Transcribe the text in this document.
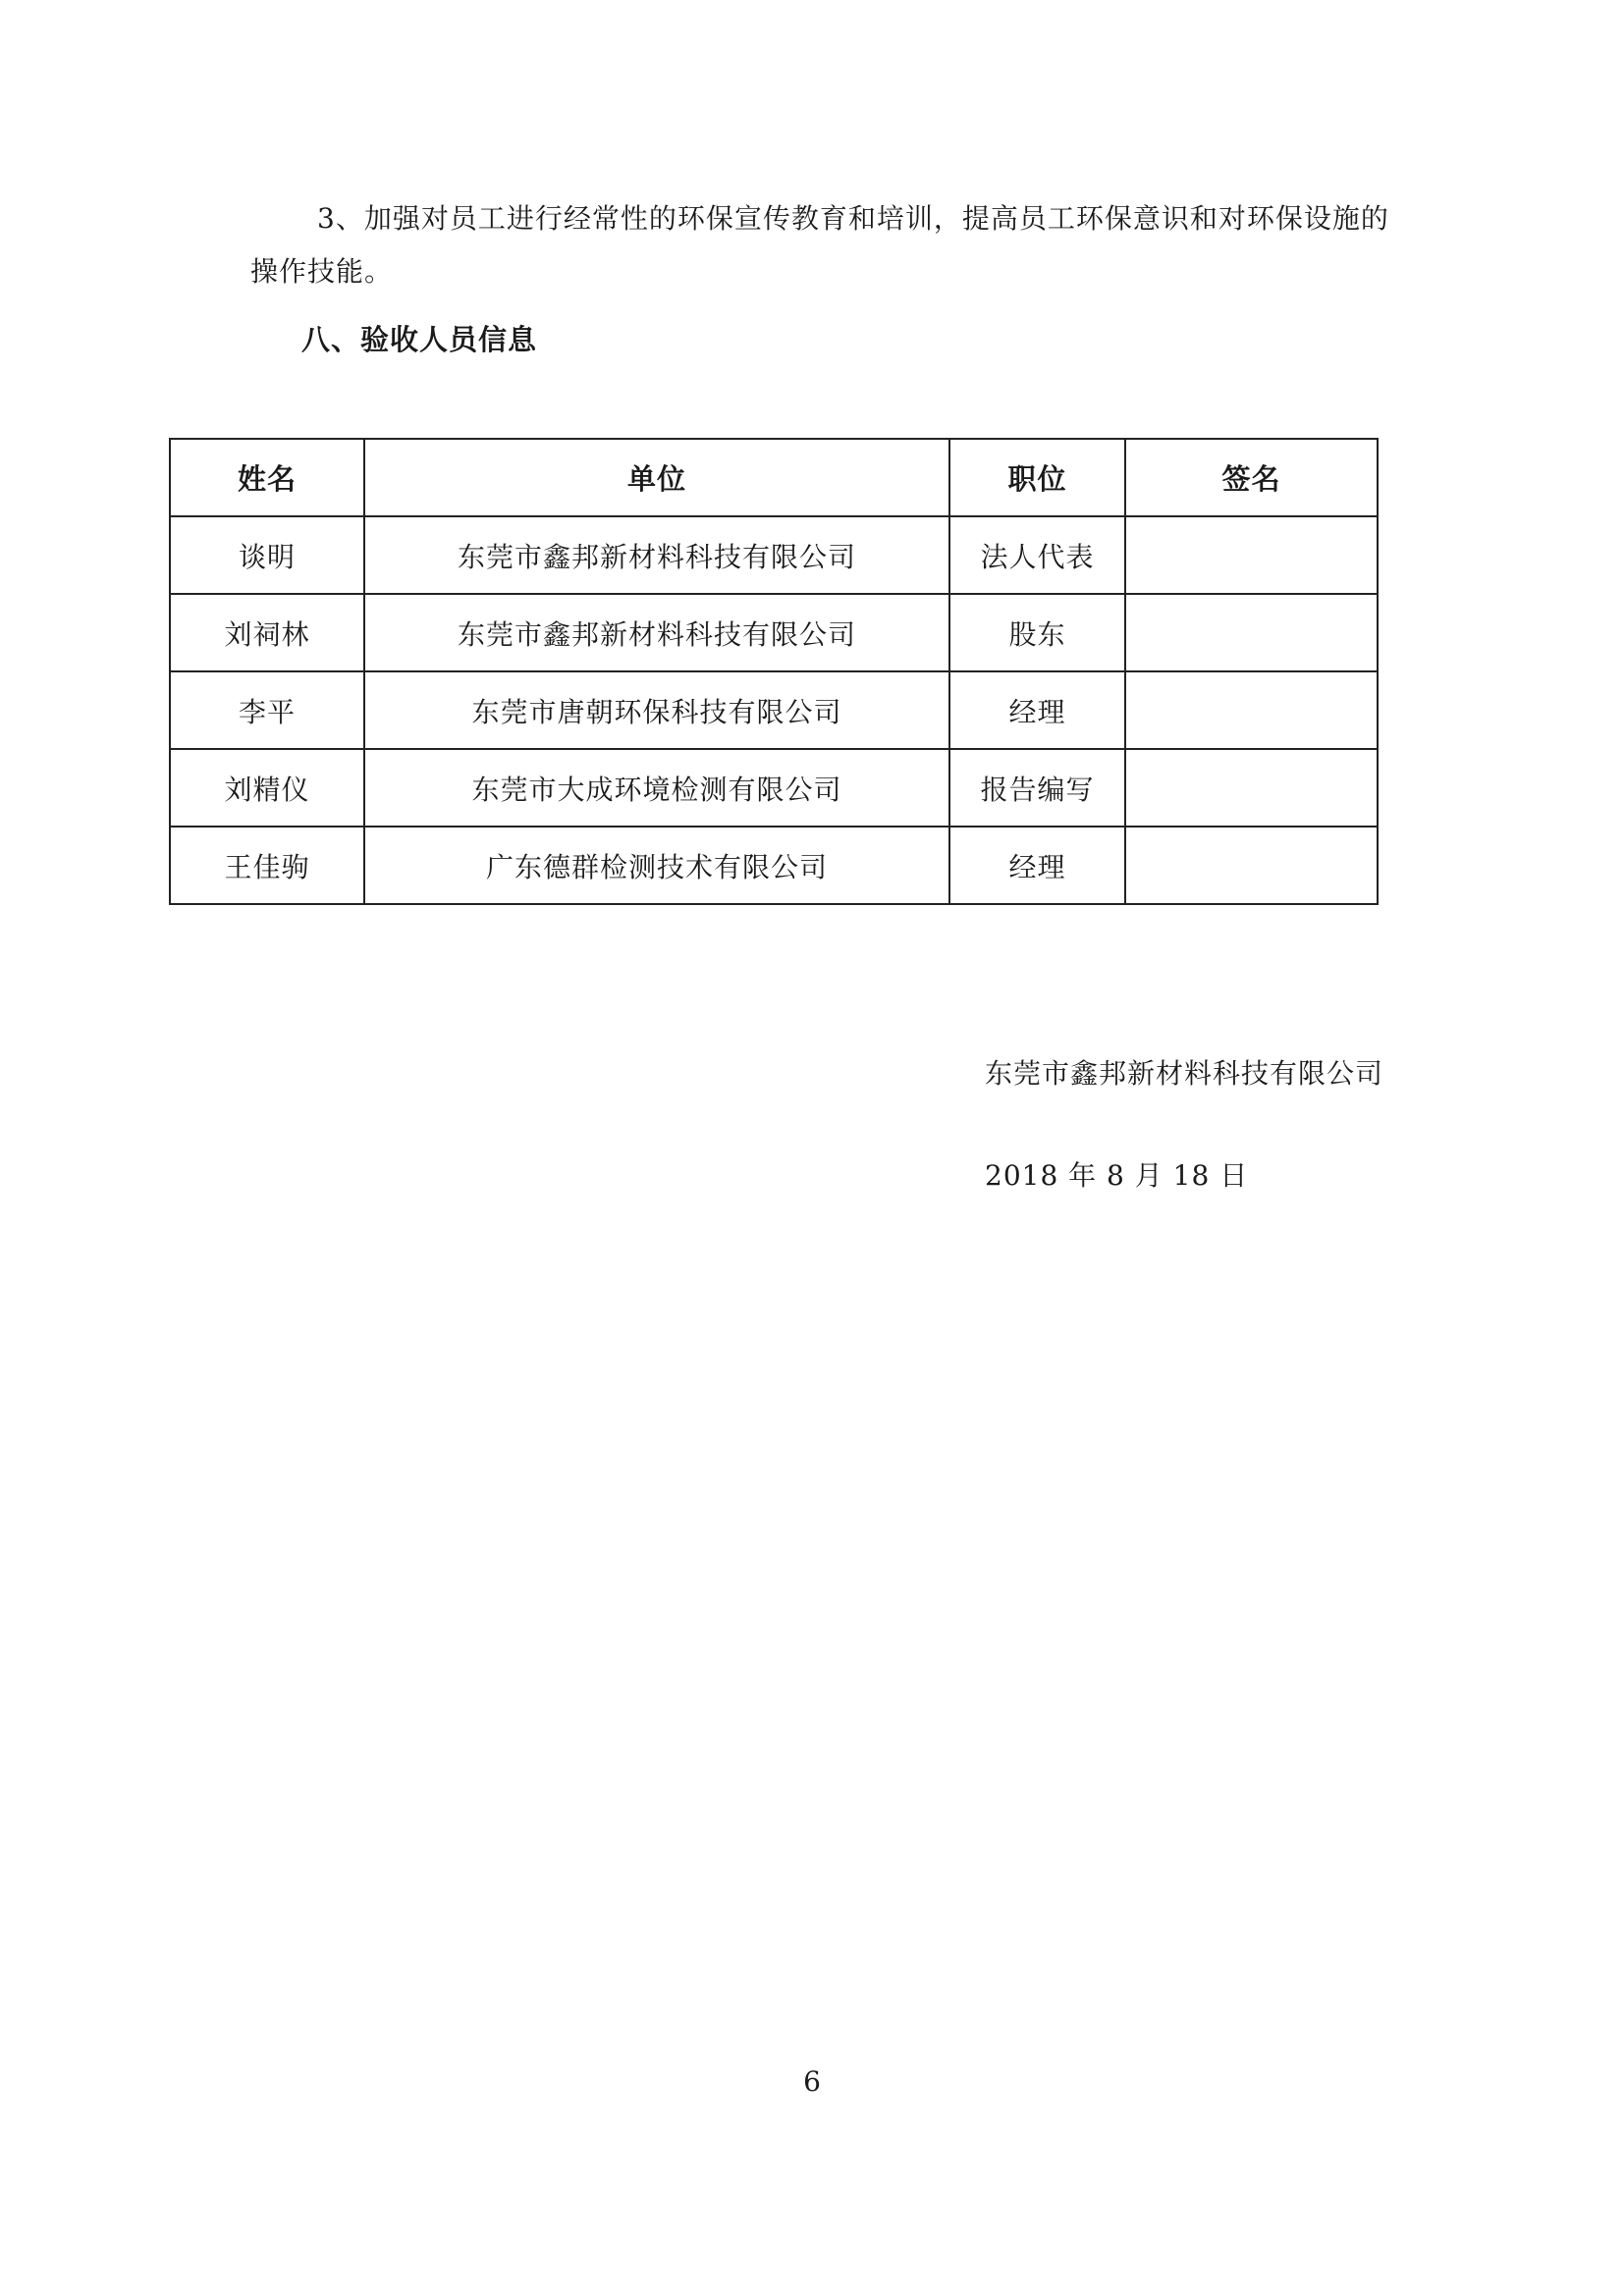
3、加强对员工进行经常性的环保宣传教育和培训，提高员工环保意识和对环保设施的
操作技能。

八、验收人员信息
姓名	单位	职位	签名
谈明	东莞市鑫邦新材料科技有限公司	法人代表	
刘祠林	东莞市鑫邦新材料科技有限公司	股东	
李平	东莞市唐朝环保科技有限公司	经理	
刘精仪	东莞市大成环境检测有限公司	报告编写	
王佳驹	广东德群检测技术有限公司	经理	

东莞市鑫邦新材料科技有限公司

2018 年 8 月 18 日

6
